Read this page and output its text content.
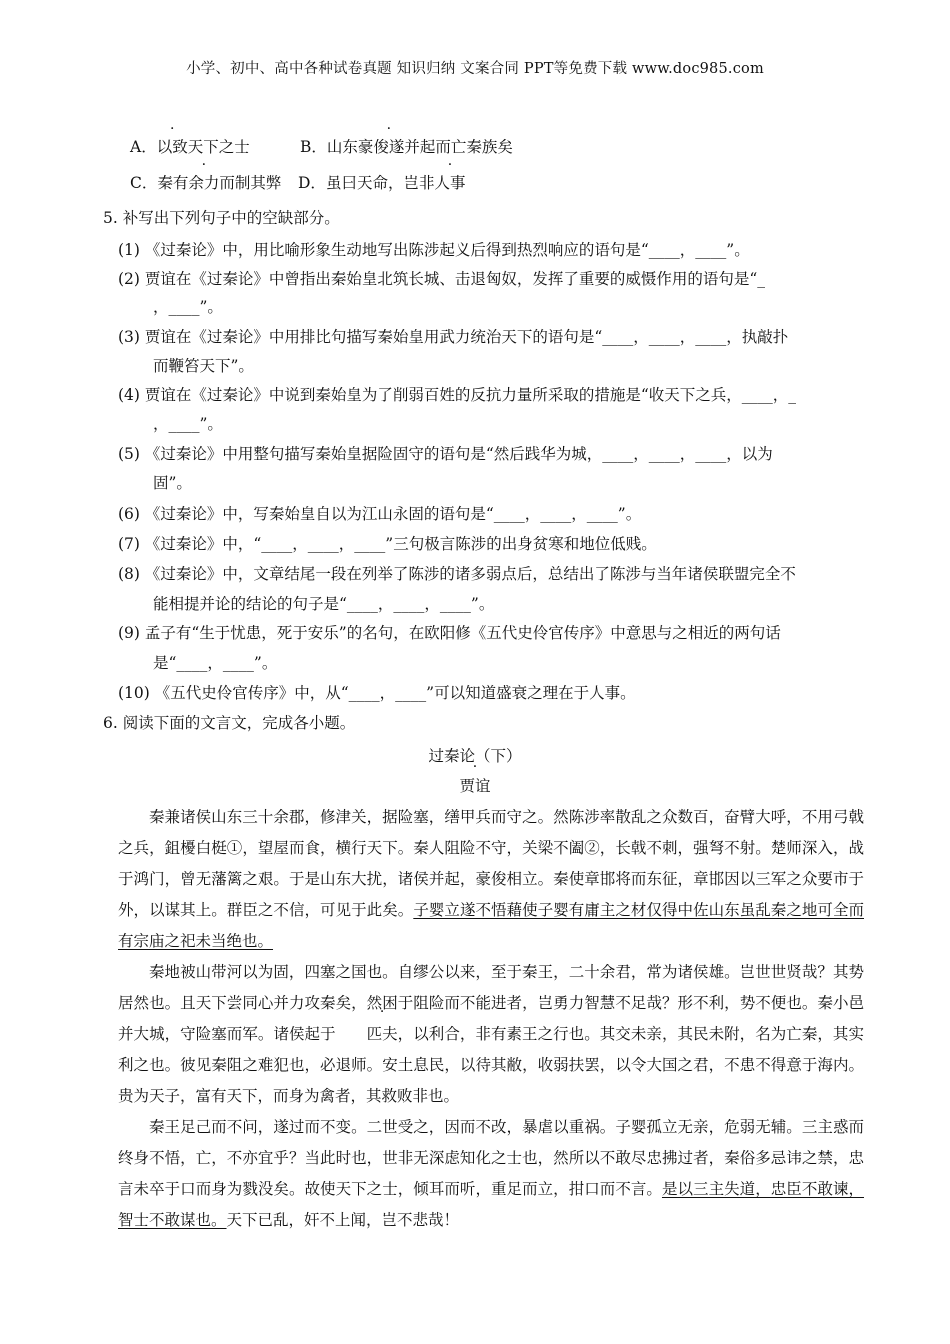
小学、初中、高中各种试卷真题 知识归纳 文案合同 PPT等免费下载 www.doc985.com
A．以致天下之士	B．山东豪俊遂并起而亡秦族矣
C．秦有余力而制其弊 D．虽曰天命，岂非人事
5. 补写出下列句子中的空缺部分。
(1) 《过秦论》中，用比喻形象生动地写出陈涉起义后得到热烈响应的语句是“____，____”。
(2) 贾谊在《过秦论》中曾指出秦始皇北筑长城、击退匈奴，发挥了重要的威慑作用的语句是“_
，____”。
(3) 贾谊在《过秦论》中用排比句描写秦始皇用武力统治天下的语句是“____，____，____，执敲扑
而鞭笞天下”。
(4) 贾谊在《过秦论》中说到秦始皇为了削弱百姓的反抗力量所采取的措施是“收天下之兵，____，_
，____”。
(5) 《过秦论》中用整句描写秦始皇据险固守的语句是“然后践华为城，____，____，____，以为
固”。
(6) 《过秦论》中，写秦始皇自以为江山永固的语句是“____，____，____”。
(7) 《过秦论》中，“____，____，____”三句极言陈涉的出身贫寒和地位低贱。
(8) 《过秦论》中，文章结尾一段在列举了陈涉的诸多弱点后，总结出了陈涉与当年诸侯联盟完全不
能相提并论的结论的句子是“____，____，____”。
(9) 孟子有“生于忧患，死于安乐”的名句，在欧阳修《五代史伶官传序》中意思与之相近的两句话
是“____，____”。
(10) 《五代史伶官传序》中，从“____，____”可以知道盛衰之理在于人事。
6. 阅读下面的文言文，完成各小题。
过秦论（下）
贾谊

秦兼诸侯山东三十余郡，修津关，据险塞，缮甲兵而守之。然陈涉率散乱之众数百，奋臂大呼，不用弓戟之兵，鉏櫌白梃①，望屋而食，横行天下。秦人阻险不守，关梁不阖②，长戟不刺，强弩不射。楚师深入，战于鸿门，曾无藩篱之艰。于是山东大扰，诸侯并起，豪俊相立。秦使章邯将而东征，章邯因以三军之众要市于外，以谋其上。群臣之不信，可见于此矣。子婴立遂不悟藉使子婴有庸主之材仅得中佐山东虽乱秦之地可全而有宗庙之祀未当绝也。

秦地被山带河以为固，四塞之国也。自缪公以来，至于秦王，二十余君，常为诸侯雄。岂世世贤哉？其势居然也。且天下尝同心并力攻秦矣，然困于阻险而不能进者，岂勇力智慧不足哉？形不利，势不便也。秦小邑并大城，守险塞而军。诸侯起于 匹夫，以利合，非有素王之行也。其交未亲，其民未附，名为亡秦，其实利之也。彼见秦阻之难犯也，必退师。安土息民，以待其敝，收弱扶罢，以令大国之君，不患不得意于海内。贵为天子，富有天下，而身为禽者，其救败非也。

秦王足己而不问，遂过而不变。二世受之，因而不改，暴虐以重祸。子婴孤立无亲，危弱无辅。三主惑而终身不悟，亡，不亦宜乎？当此时也，世非无深虑知化之士也，然所以不敢尽忠拂过者，秦俗多忌讳之禁，忠言未卒于口而身为戮没矣。故使天下之士，倾耳而听，重足而立，拑口而不言。是以三主失道，忠臣不敢谏，智士不敢谋也。天下已乱，奸不上闻，岂不悲哉！
